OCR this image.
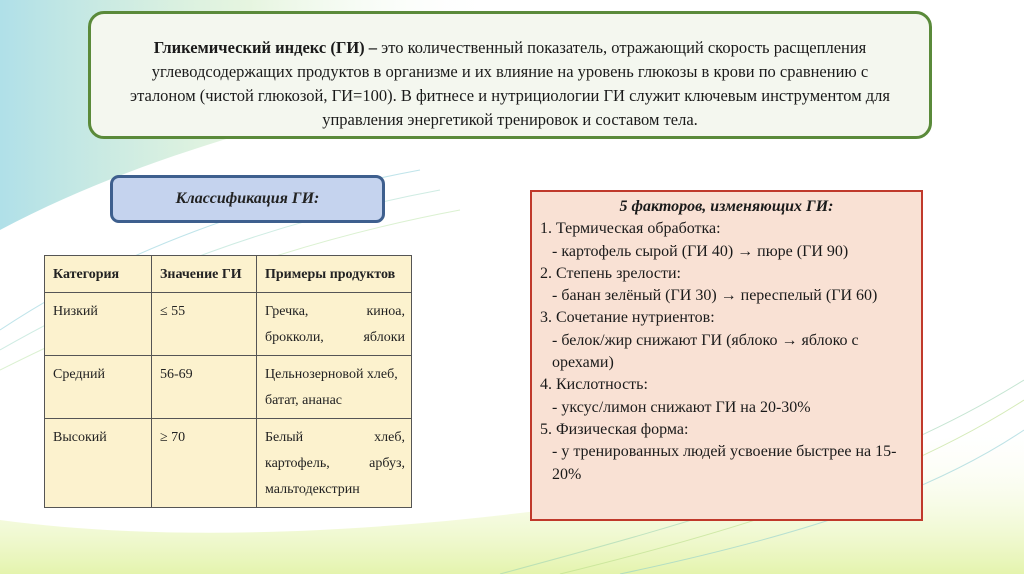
Гликемический индекс (ГИ) – это количественный показатель, отражающий скорость расщепления углеводсодержащих продуктов в организме и их влияние на уровень глюкозы в крови по сравнению с эталоном (чистой глюкозой, ГИ=100). В фитнесе и нутрициологии ГИ служит ключевым инструментом для управления энергетикой тренировок и составом тела.
Классификация ГИ:
Категория	Значение ГИ	Примеры продуктов
Низкий	≤ 55	Гречка, киноа, брокколи, яблоки
Средний	56-69	Цельнозерновой хлеб, батат, ананас
Высокий	≥ 70	Белый хлеб, картофель, арбуз, мальтодекстрин
5 факторов, изменяющих ГИ:
1. Термическая обработка:
- картофель сырой (ГИ 40) → пюре (ГИ 90)
2. Степень зрелости:
- банан зелёный (ГИ 30) → переспелый (ГИ 60)
3. Сочетание нутриентов:
- белок/жир снижают ГИ (яблоко → яблоко с орехами)
4. Кислотность:
- уксус/лимон снижают ГИ на 20-30%
5. Физическая форма:
- у тренированных людей усвоение быстрее на 15-20%
